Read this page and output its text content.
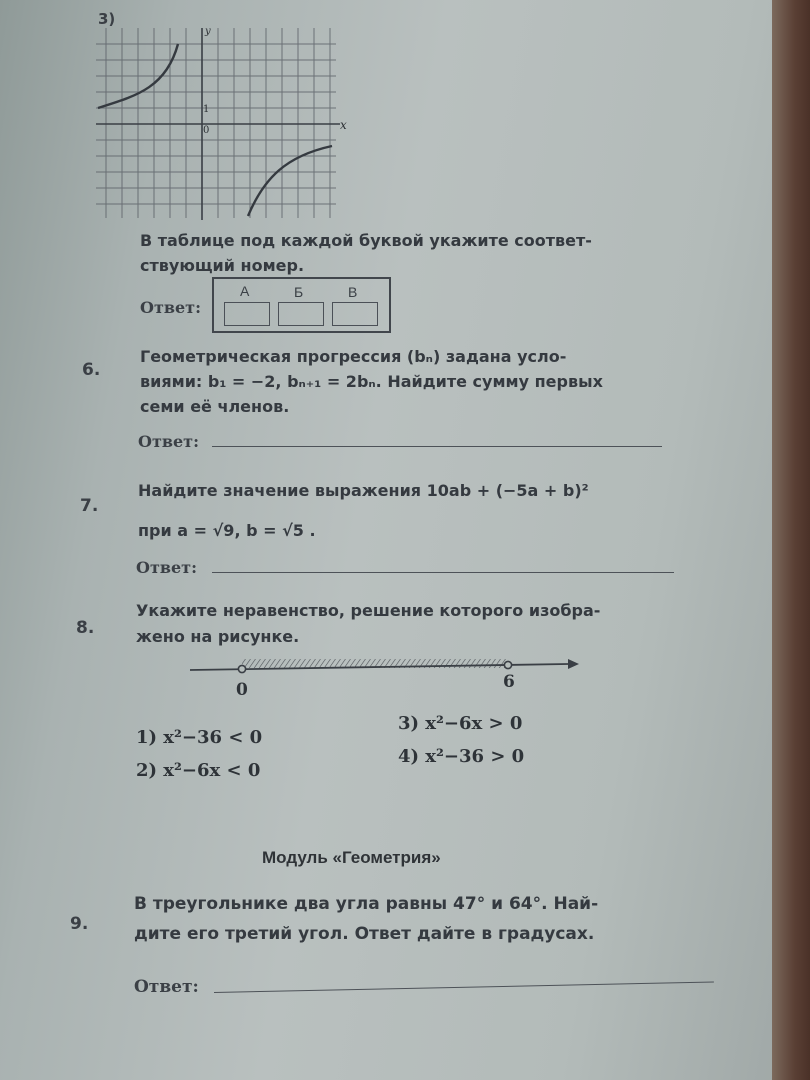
3)
y
x
1
0
В таблице под каждой буквой укажите соответ-
ствующий номер.
Ответ:
А	Б	В
6.
Геометрическая прогрессия (bₙ) задана усло-
виями: b₁ = −2, bₙ₊₁ = 2bₙ. Найдите сумму первых
семи её членов.
Ответ:
7.
Найдите значение выражения 10ab + (−5a + b)²
при a = √9, b = √5 .
Ответ:
8.
Укажите неравенство, решение которого изобра-
жено на рисунке.
0	6
1) x²−36 < 0
2) x²−6x < 0
3) x²−6x > 0
4) x²−36 > 0
Модуль «Геометрия»
9.
В треугольнике два угла равны 47° и 64°. Най-
дите его третий угол. Ответ дайте в градусах.
Ответ:
